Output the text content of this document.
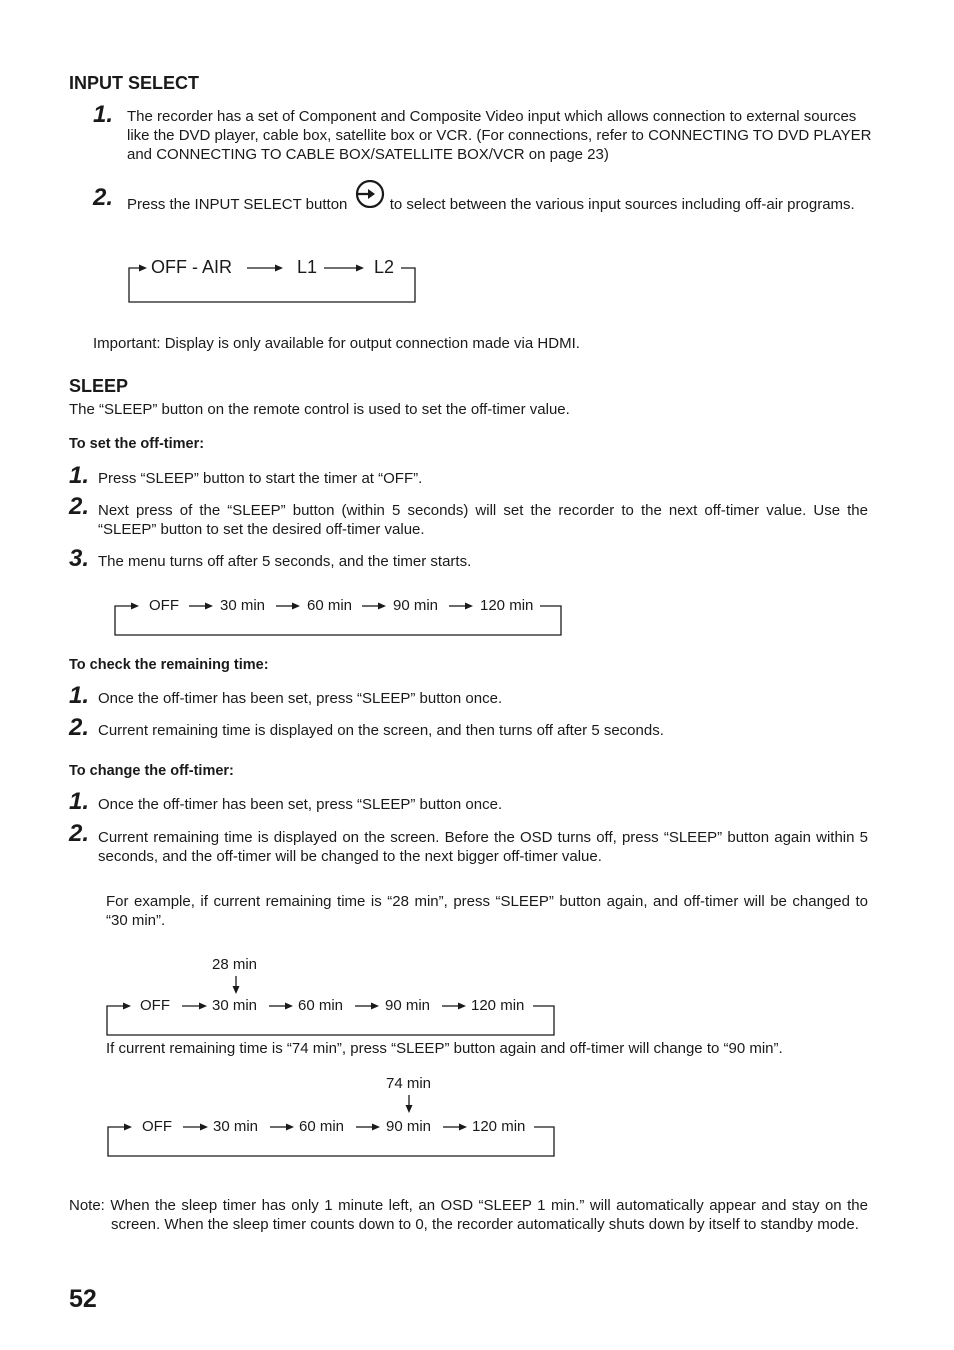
INPUT SELECT
1. The recorder has a set of Component and Composite Video input which allows connection to external sources like the DVD player, cable box, satellite box or VCR. (For connections, refer to CONNECTING TO DVD PLAYER and CONNECTING TO CABLE BOX/SATELLITE BOX/VCR on page 23)
2. Press the INPUT SELECT button	to select between the various input sources including off-air programs.
OFF - AIR	L1	L2
Important: Display is only available for output connection made via HDMI.
SLEEP
The “SLEEP” button on the remote control is used to set the off-timer value.
To set the off-timer:
1. Press “SLEEP” button to start the timer at “OFF”.
2. Next press of the “SLEEP” button (within 5 seconds) will set the recorder to the next off-timer value. Use the “SLEEP” button to set the desired off-timer value.
3. The menu turns off after 5 seconds, and the timer starts.
OFF	30 min	60 min	90 min	120 min
To check the remaining time:
1. Once the off-timer has been set, press “SLEEP” button once.
2. Current remaining time is displayed on the screen, and then turns off after 5 seconds.
To change the off-timer:
1. Once the off-timer has been set, press “SLEEP” button once.
2. Current remaining time is displayed on the screen. Before the OSD turns off, press “SLEEP” button again within 5 seconds, and the off-timer will be changed to the next bigger off-timer value.
For example, if current remaining time is “28 min”, press “SLEEP” button again, and off-timer will be changed to “30 min”.
28 min
OFF	30 min	60 min	90 min	120 min
If current remaining time is “74 min”, press “SLEEP” button again and off-timer will change to “90 min”.
74 min
OFF	30 min	60 min	90 min	120 min
Note: When the sleep timer has only 1 minute left, an OSD “SLEEP 1 min.” will automatically appear and stay on the screen. When the sleep timer counts down to 0, the recorder automatically shuts down by itself to standby mode.
52
